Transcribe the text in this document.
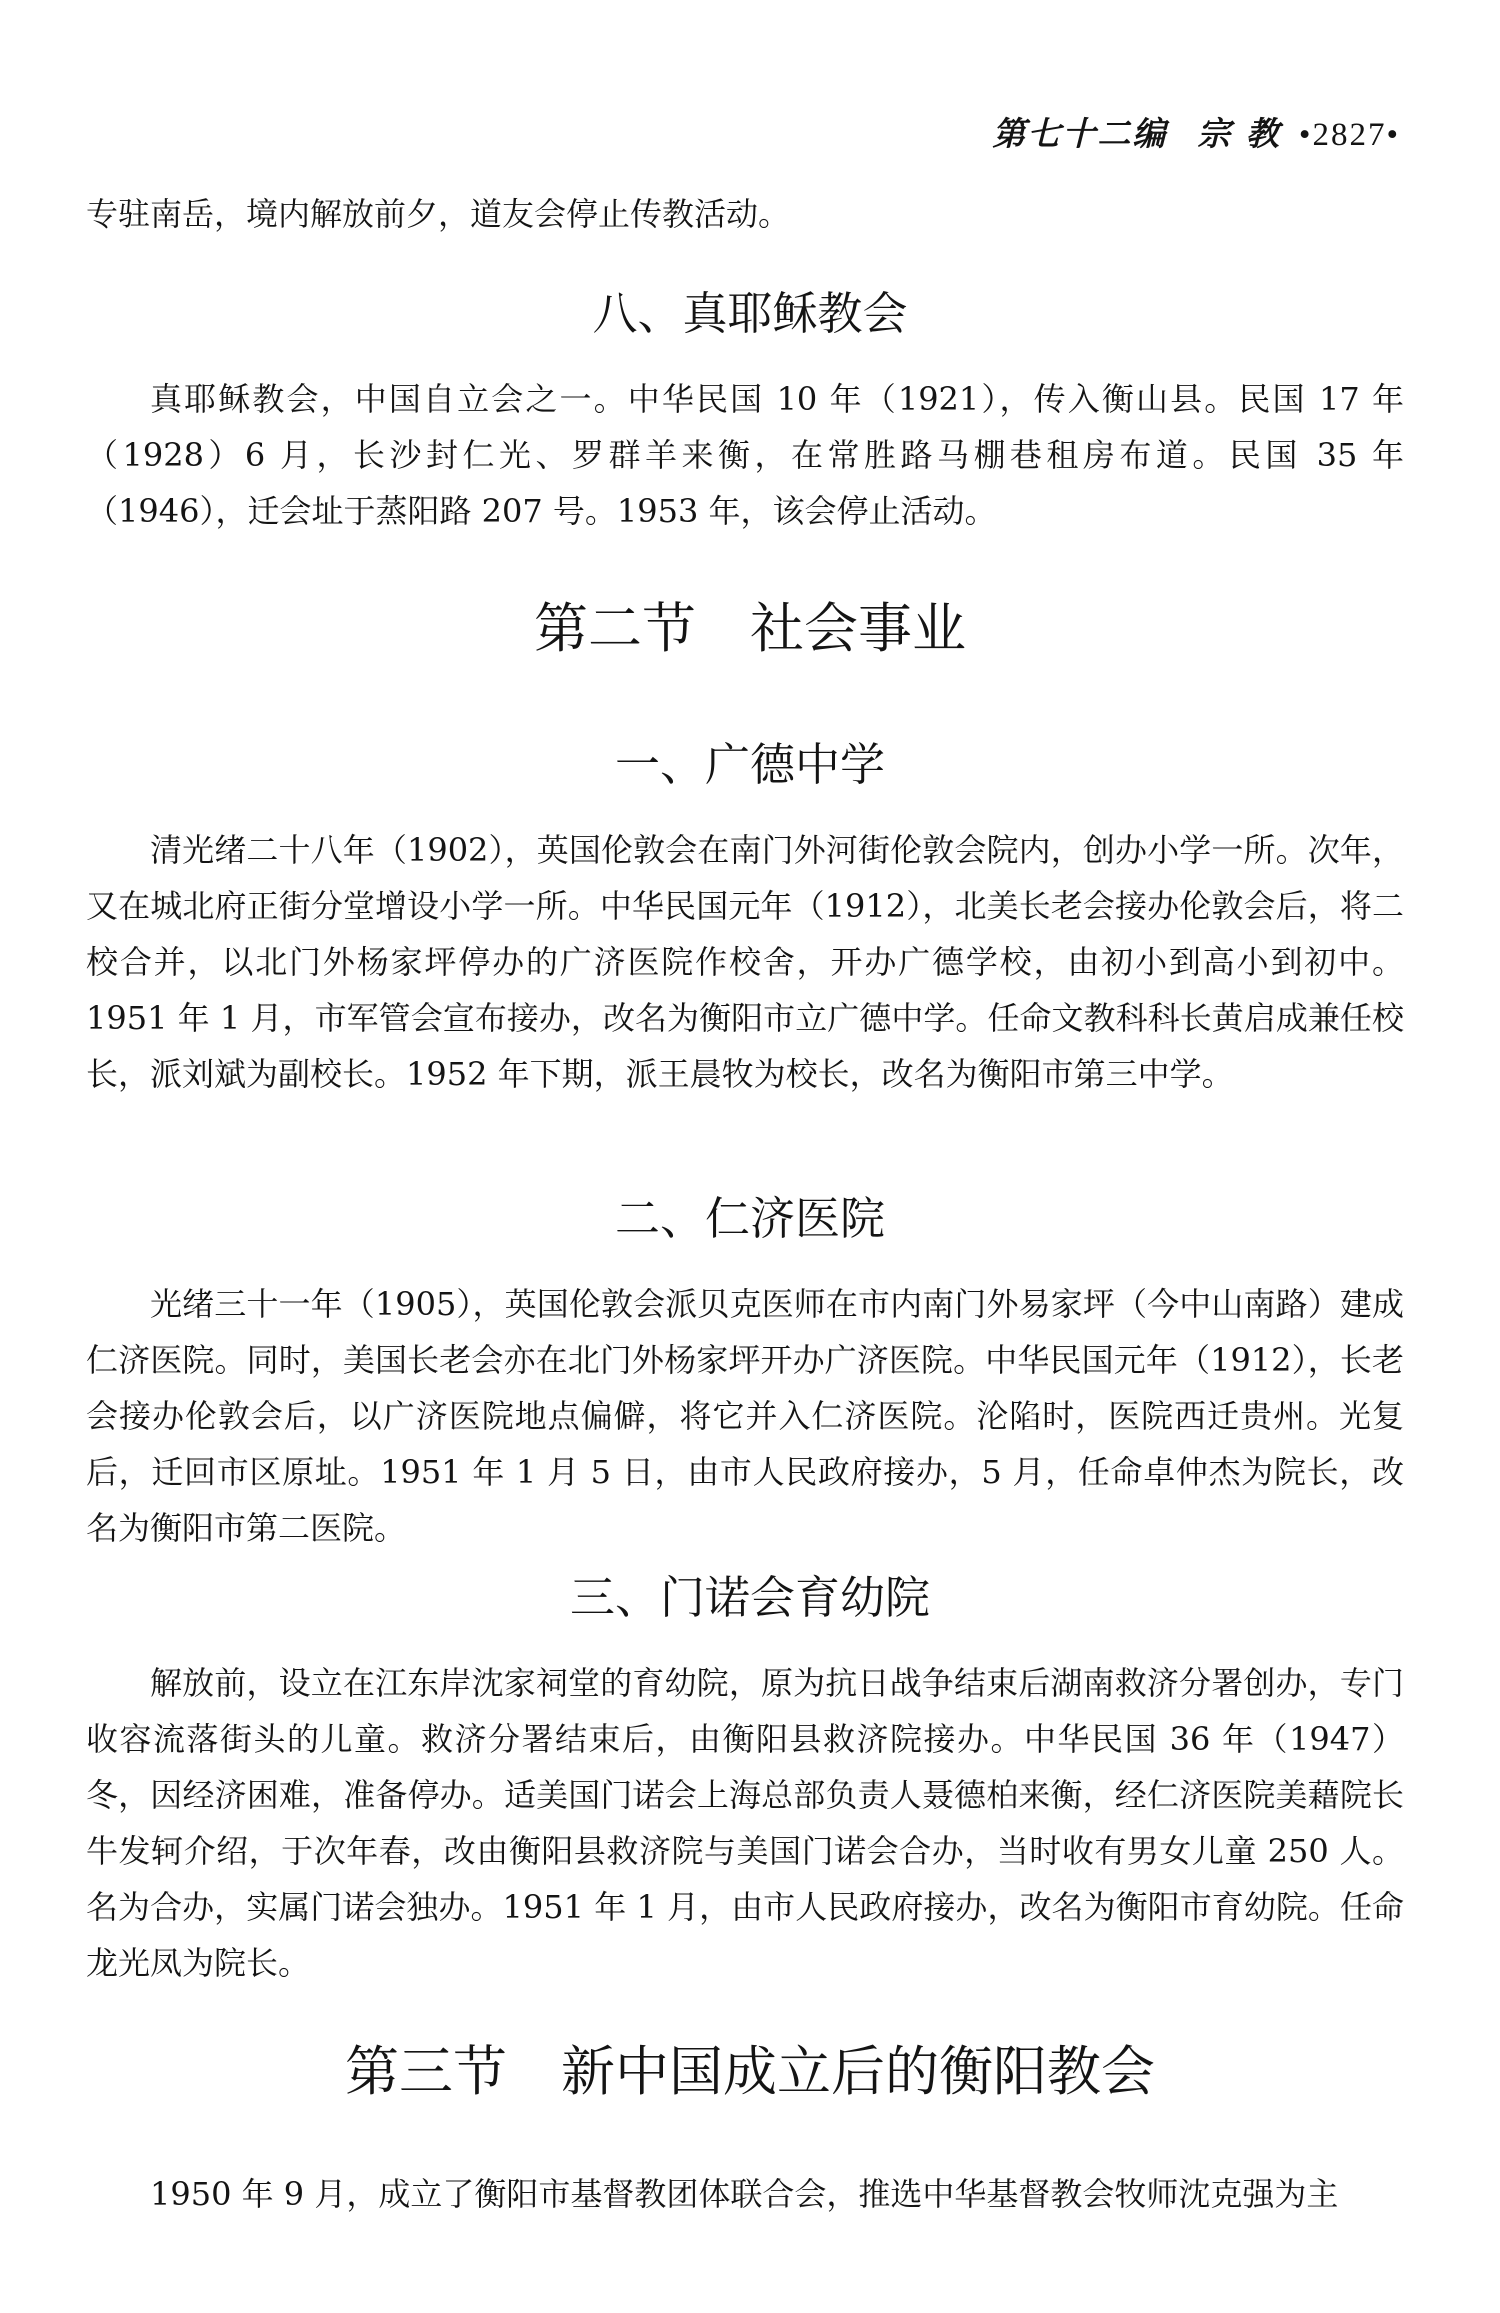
第七十二编 宗 教 •2827•

专驻南岳，境内解放前夕，道友会停止传教活动。

八、真耶稣教会

真耶稣教会，中国自立会之一。中华民国 10 年（1921），传入衡山县。民国 17 年（1928）6 月，长沙封仁光、罗群羊来衡，在常胜路马棚巷租房布道。民国 35 年（1946），迁会址于蒸阳路 207 号。1953 年，该会停止活动。

第二节　社会事业
一、广德中学

清光绪二十八年（1902），英国伦敦会在南门外河街伦敦会院内，创办小学一所。次年，又在城北府正街分堂增设小学一所。中华民国元年（1912），北美长老会接办伦敦会后，将二校合并，以北门外杨家坪停办的广济医院作校舍，开办广德学校，由初小到高小到初中。1951 年 1 月，市军管会宣布接办，改名为衡阳市立广德中学。任命文教科科长黄启成兼任校长，派刘斌为副校长。1952 年下期，派王晨牧为校长，改名为衡阳市第三中学。

二、仁济医院

光绪三十一年（1905），英国伦敦会派贝克医师在市内南门外易家坪（今中山南路）建成仁济医院。同时，美国长老会亦在北门外杨家坪开办广济医院。中华民国元年（1912），长老会接办伦敦会后，以广济医院地点偏僻，将它并入仁济医院。沦陷时，医院西迁贵州。光复后，迁回市区原址。1951 年 1 月 5 日，由市人民政府接办，5 月，任命卓仲杰为院长，改名为衡阳市第二医院。

三、门诺会育幼院

解放前，设立在江东岸沈家祠堂的育幼院，原为抗日战争结束后湖南救济分署创办，专门收容流落街头的儿童。救济分署结束后，由衡阳县救济院接办。中华民国 36 年（1947）冬，因经济困难，准备停办。适美国门诺会上海总部负责人聂德柏来衡，经仁济医院美藉院长牛发轲介绍，于次年春，改由衡阳县救济院与美国门诺会合办，当时收有男女儿童 250 人。名为合办，实属门诺会独办。1951 年 1 月，由市人民政府接办，改名为衡阳市育幼院。任命龙光凤为院长。

第三节　新中国成立后的衡阳教会

1950 年 9 月，成立了衡阳市基督教团体联合会，推选中华基督教会牧师沈克强为主
